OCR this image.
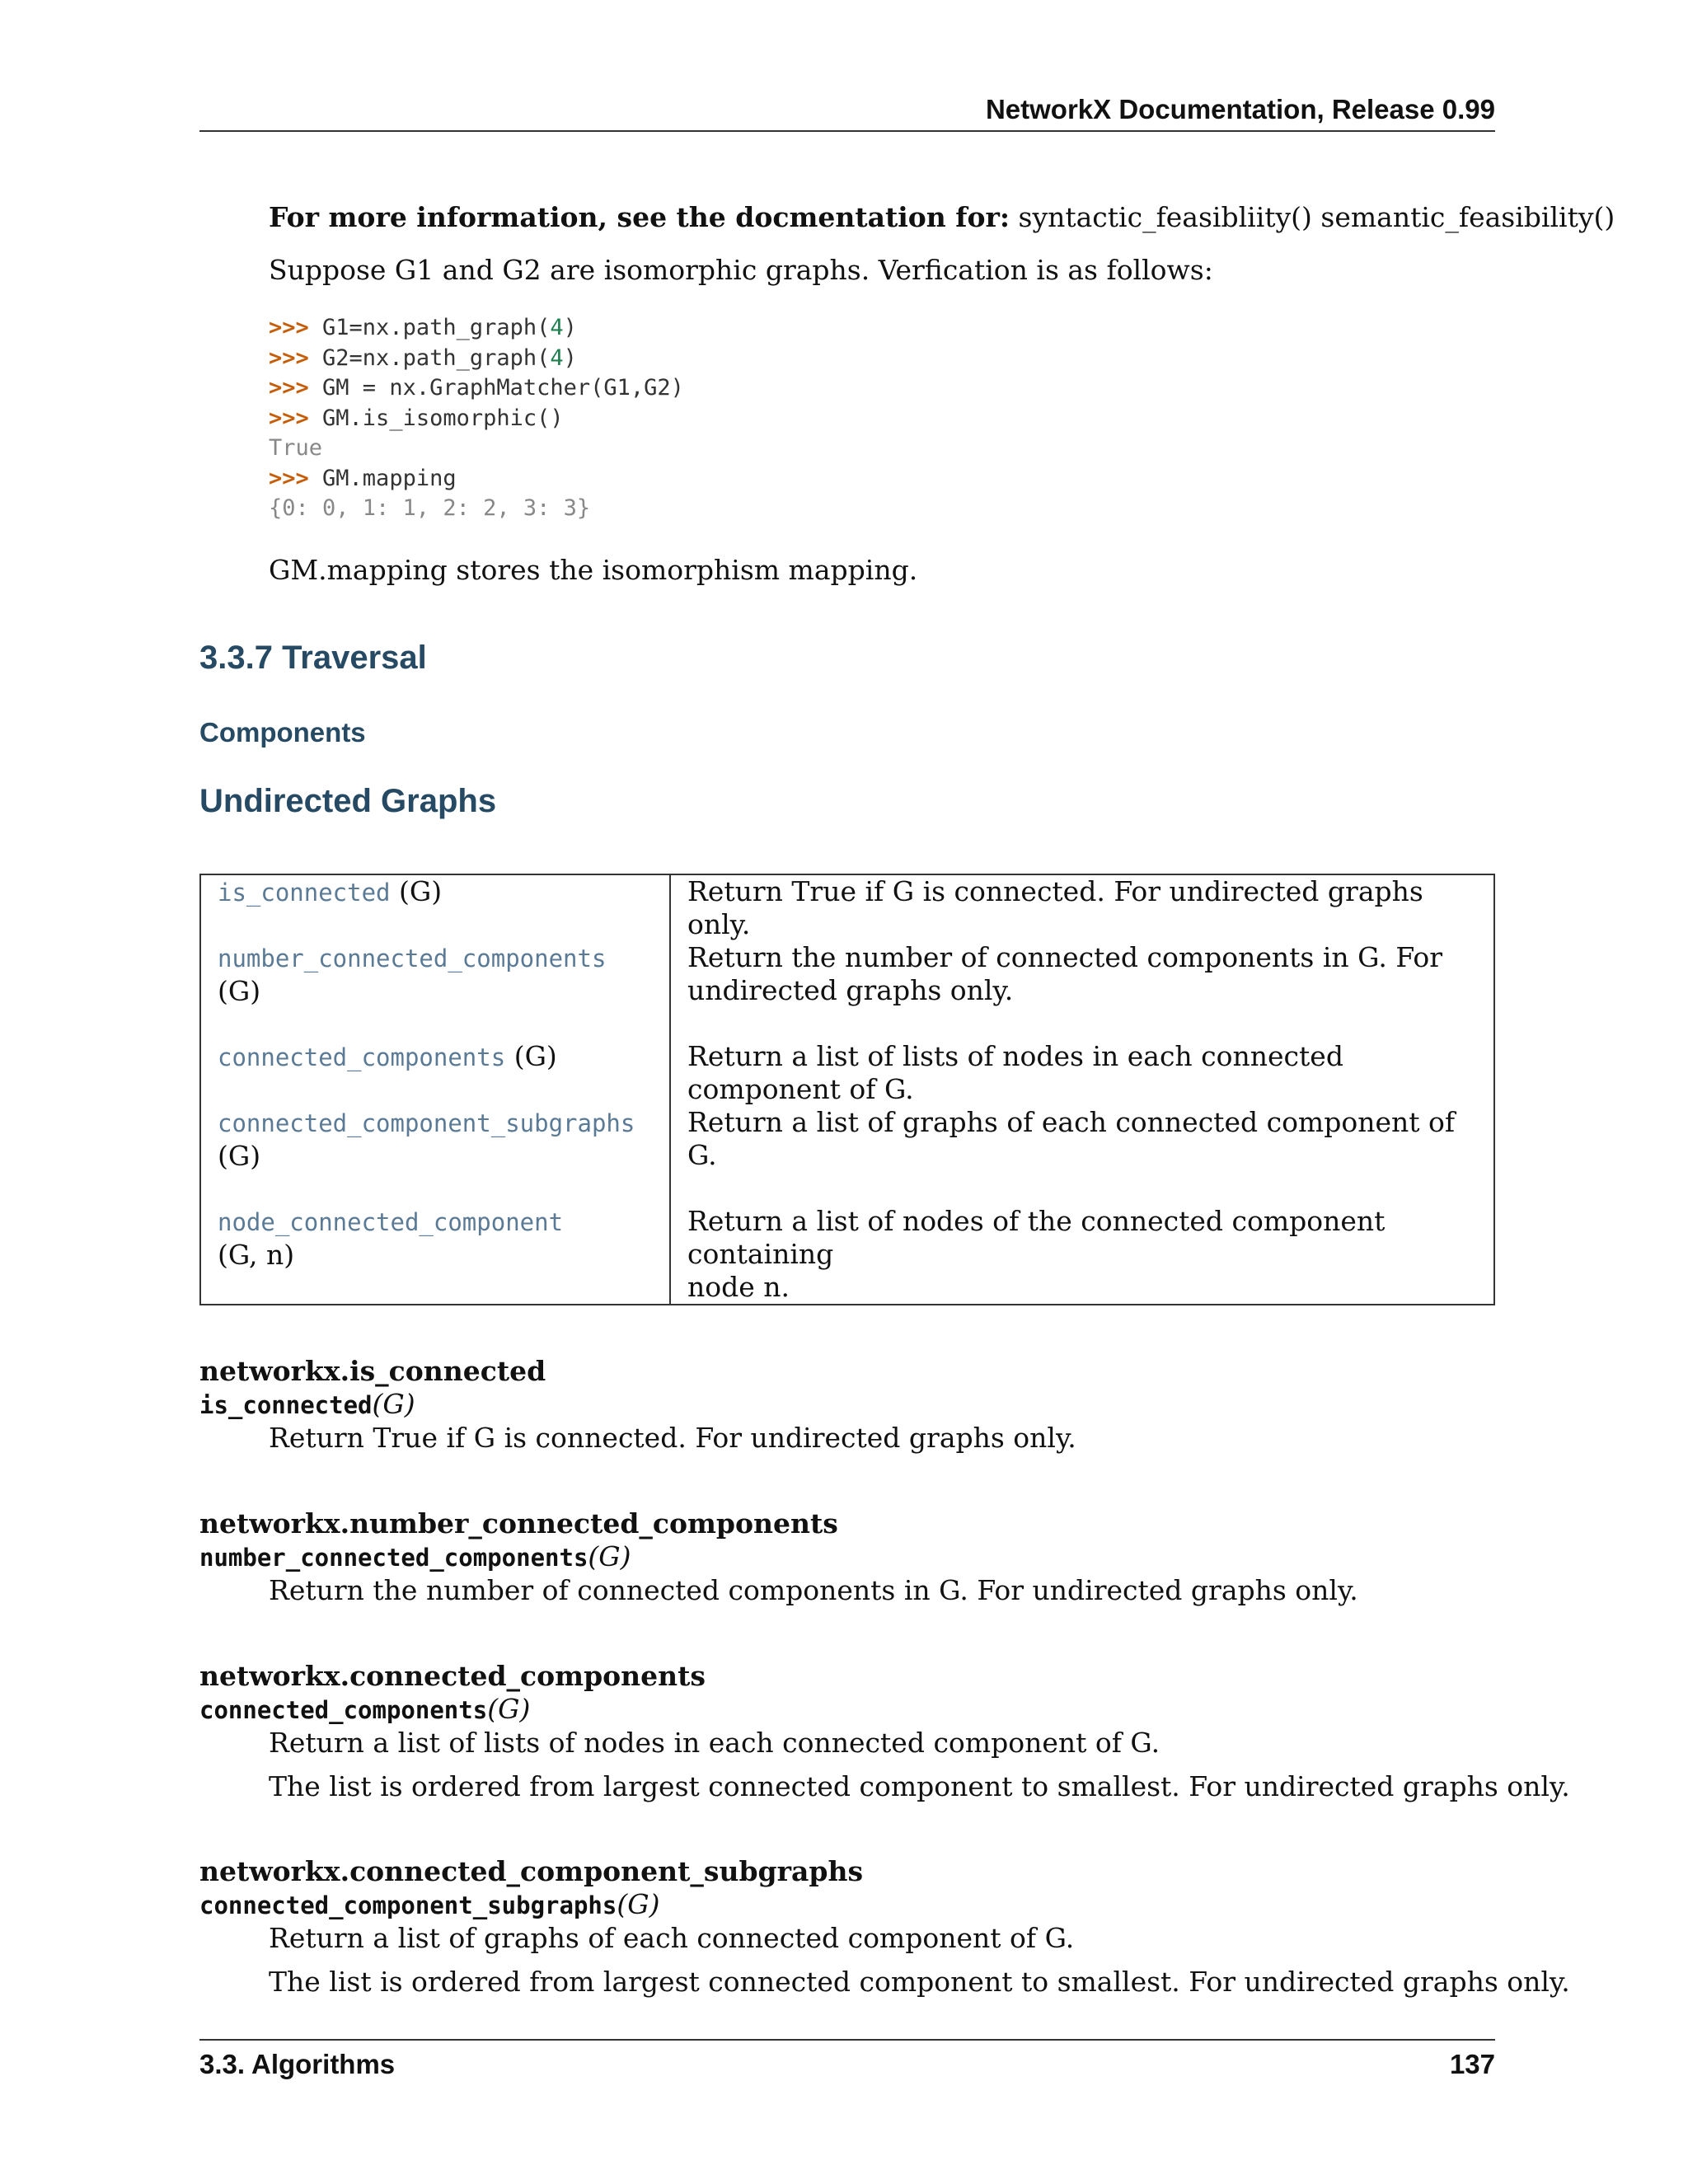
NetworkX Documentation, Release 0.99
For more information, see the docmentation for: syntactic_feasibliity() semantic_feasibility()
Suppose G1 and G2 are isomorphic graphs. Verfication is as follows:
>>> G1=nx.path_graph(4)
>>> G2=nx.path_graph(4)
>>> GM = nx.GraphMatcher(G1,G2)
>>> GM.is_isomorphic()
True
>>> GM.mapping
{0: 0, 1: 1, 2: 2, 3: 3}
GM.mapping stores the isomorphism mapping.
3.3.7 Traversal
Components
Undirected Graphs
is_connected (G)	Return True if G is connected. For undirected graphs only.
number_connected_components
(G)	Return the number of connected components in G. For
undirected graphs only.
connected_components (G)	Return a list of lists of nodes in each connected component of G.
connected_component_subgraphs
(G)	Return a list of graphs of each connected component of G.
node_connected_component
(G, n)	Return a list of nodes of the connected component containing
node n.
networkx.is_connected
is_connected(G)
Return True if G is connected. For undirected graphs only.
networkx.number_connected_components
number_connected_components(G)
Return the number of connected components in G. For undirected graphs only.
networkx.connected_components
connected_components(G)
Return a list of lists of nodes in each connected component of G.
The list is ordered from largest connected component to smallest. For undirected graphs only.
networkx.connected_component_subgraphs
connected_component_subgraphs(G)
Return a list of graphs of each connected component of G.
The list is ordered from largest connected component to smallest. For undirected graphs only.
3.3. Algorithms	137
